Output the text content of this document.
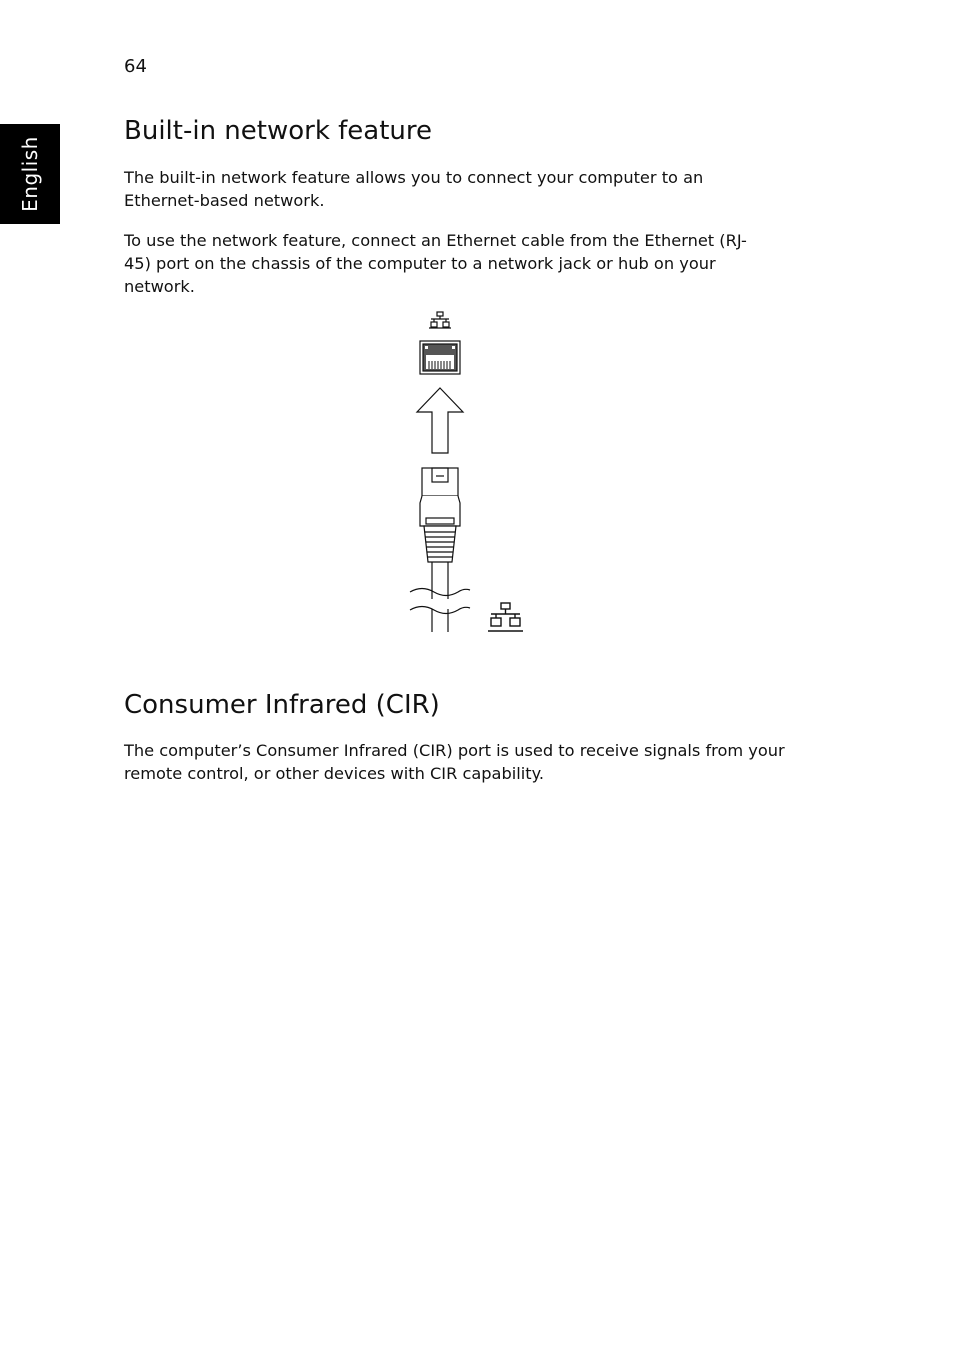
64
English
Built-in network feature

The built-in network feature allows you to connect your computer to an Ethernet-based network.

To use the network feature, connect an Ethernet cable from the Ethernet (RJ-45) port on the chassis of the computer to a network jack or hub on your network.

Consumer Infrared (CIR)

The computer’s Consumer Infrared (CIR) port is used to receive signals from your remote control, or other devices with CIR capability.
